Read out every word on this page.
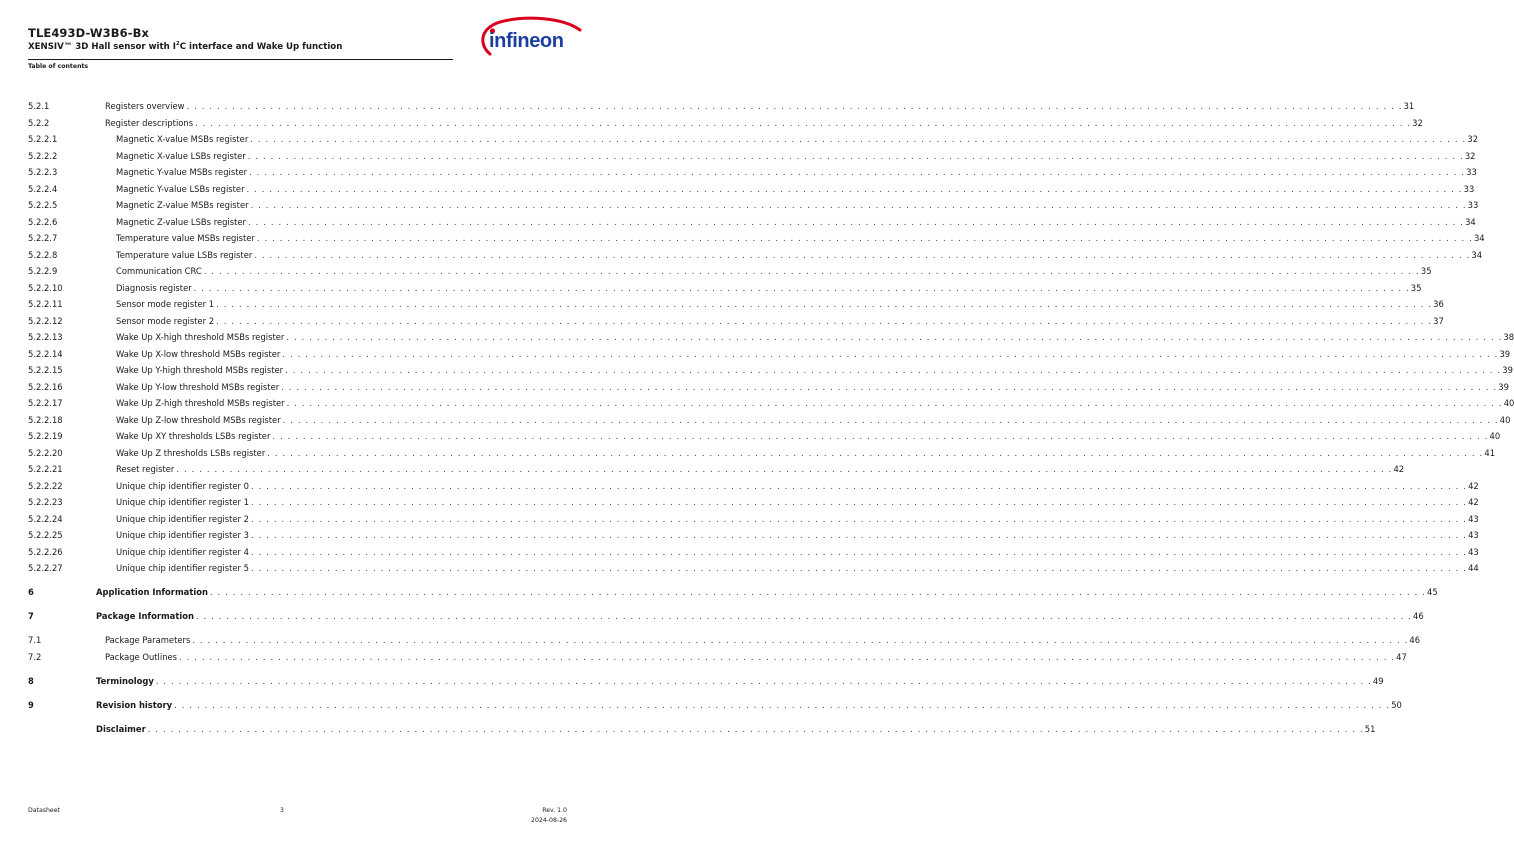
TLE493D-W3B6-Bx
XENSIV™ 3D Hall sensor with $I^2C$ interface and Wake Up function
Table of contents
infineon
5.2.1	Registers overview . . . . . . . . . . . . . . . . . . . . . . . . . . . . . . . . . . . . . . . . . . . . . . . . . . . . . . . . . . . . . . . . . . . . . . . . . . . . . . . . . . . . . . . . . . . . . . . . . . . . . . . . . . . . . . . . . . . . . . . . . . . . . . . . . . . . . . . . . . . . . . . . . . . . . . . . . . . . . . . . 31
5.2.2	Register descriptions . . . . . . . . . . . . . . . . . . . . . . . . . . . . . . . . . . . . . . . . . . . . . . . . . . . . . . . . . . . . . . . . . . . . . . . . . . . . . . . . . . . . . . . . . . . . . . . . . . . . . . . . . . . . . . . . . . . . . . . . . . . . . . . . . . . . . . . . . . . . . . . . . . . . . . . . . . . . . . . . 32
5.2.2.1	Magnetic X-value MSBs register . . . . . . . . . . . . . . . . . . . . . . . . . . . . . . . . . . . . . . . . . . . . . . . . . . . . . . . . . . . . . . . . . . . . . . . . . . . . . . . . . . . . . . . . . . . . . . . . . . . . . . . . . . . . . . . . . . . . . . . . . . . . . . . . . . . . . . . . . . . . . . . . . . . . . . . . . . . . . . . . 32
5.2.2.2	Magnetic X-value LSBs register . . . . . . . . . . . . . . . . . . . . . . . . . . . . . . . . . . . . . . . . . . . . . . . . . . . . . . . . . . . . . . . . . . . . . . . . . . . . . . . . . . . . . . . . . . . . . . . . . . . . . . . . . . . . . . . . . . . . . . . . . . . . . . . . . . . . . . . . . . . . . . . . . . . . . . . . . . . . . . . . 32
5.2.2.3	Magnetic Y-value MSBs register . . . . . . . . . . . . . . . . . . . . . . . . . . . . . . . . . . . . . . . . . . . . . . . . . . . . . . . . . . . . . . . . . . . . . . . . . . . . . . . . . . . . . . . . . . . . . . . . . . . . . . . . . . . . . . . . . . . . . . . . . . . . . . . . . . . . . . . . . . . . . . . . . . . . . . . . . . . . . . . . 33
5.2.2.4	Magnetic Y-value LSBs register . . . . . . . . . . . . . . . . . . . . . . . . . . . . . . . . . . . . . . . . . . . . . . . . . . . . . . . . . . . . . . . . . . . . . . . . . . . . . . . . . . . . . . . . . . . . . . . . . . . . . . . . . . . . . . . . . . . . . . . . . . . . . . . . . . . . . . . . . . . . . . . . . . . . . . . . . . . . . . . . 33
5.2.2.5	Magnetic Z-value MSBs register . . . . . . . . . . . . . . . . . . . . . . . . . . . . . . . . . . . . . . . . . . . . . . . . . . . . . . . . . . . . . . . . . . . . . . . . . . . . . . . . . . . . . . . . . . . . . . . . . . . . . . . . . . . . . . . . . . . . . . . . . . . . . . . . . . . . . . . . . . . . . . . . . . . . . . . . . . . . . . . . 33
5.2.2.6	Magnetic Z-value LSBs register . . . . . . . . . . . . . . . . . . . . . . . . . . . . . . . . . . . . . . . . . . . . . . . . . . . . . . . . . . . . . . . . . . . . . . . . . . . . . . . . . . . . . . . . . . . . . . . . . . . . . . . . . . . . . . . . . . . . . . . . . . . . . . . . . . . . . . . . . . . . . . . . . . . . . . . . . . . . . . . . 34
5.2.2.7	Temperature value MSBs register . . . . . . . . . . . . . . . . . . . . . . . . . . . . . . . . . . . . . . . . . . . . . . . . . . . . . . . . . . . . . . . . . . . . . . . . . . . . . . . . . . . . . . . . . . . . . . . . . . . . . . . . . . . . . . . . . . . . . . . . . . . . . . . . . . . . . . . . . . . . . . . . . . . . . . . . . . . . . . . . 34
5.2.2.8	Temperature value LSBs register . . . . . . . . . . . . . . . . . . . . . . . . . . . . . . . . . . . . . . . . . . . . . . . . . . . . . . . . . . . . . . . . . . . . . . . . . . . . . . . . . . . . . . . . . . . . . . . . . . . . . . . . . . . . . . . . . . . . . . . . . . . . . . . . . . . . . . . . . . . . . . . . . . . . . . . . . . . . . . . . 34
5.2.2.9	Communication CRC . . . . . . . . . . . . . . . . . . . . . . . . . . . . . . . . . . . . . . . . . . . . . . . . . . . . . . . . . . . . . . . . . . . . . . . . . . . . . . . . . . . . . . . . . . . . . . . . . . . . . . . . . . . . . . . . . . . . . . . . . . . . . . . . . . . . . . . . . . . . . . . . . . . . . . . . . . . . . . . . 35
5.2.2.10	Diagnosis register . . . . . . . . . . . . . . . . . . . . . . . . . . . . . . . . . . . . . . . . . . . . . . . . . . . . . . . . . . . . . . . . . . . . . . . . . . . . . . . . . . . . . . . . . . . . . . . . . . . . . . . . . . . . . . . . . . . . . . . . . . . . . . . . . . . . . . . . . . . . . . . . . . . . . . . . . . . . . . . . 35
5.2.2.11	Sensor mode register 1 . . . . . . . . . . . . . . . . . . . . . . . . . . . . . . . . . . . . . . . . . . . . . . . . . . . . . . . . . . . . . . . . . . . . . . . . . . . . . . . . . . . . . . . . . . . . . . . . . . . . . . . . . . . . . . . . . . . . . . . . . . . . . . . . . . . . . . . . . . . . . . . . . . . . . . . . . . . . . . . . 36
5.2.2.12	Sensor mode register 2 . . . . . . . . . . . . . . . . . . . . . . . . . . . . . . . . . . . . . . . . . . . . . . . . . . . . . . . . . . . . . . . . . . . . . . . . . . . . . . . . . . . . . . . . . . . . . . . . . . . . . . . . . . . . . . . . . . . . . . . . . . . . . . . . . . . . . . . . . . . . . . . . . . . . . . . . . . . . . . . . 37
5.2.2.13	Wake Up X-high threshold MSBs register . . . . . . . . . . . . . . . . . . . . . . . . . . . . . . . . . . . . . . . . . . . . . . . . . . . . . . . . . . . . . . . . . . . . . . . . . . . . . . . . . . . . . . . . . . . . . . . . . . . . . . . . . . . . . . . . . . . . . . . . . . . . . . . . . . . . . . . . . . . . . . . . . . . . . . . . . . . . . . . . 38
5.2.2.14	Wake Up X-low threshold MSBs register . . . . . . . . . . . . . . . . . . . . . . . . . . . . . . . . . . . . . . . . . . . . . . . . . . . . . . . . . . . . . . . . . . . . . . . . . . . . . . . . . . . . . . . . . . . . . . . . . . . . . . . . . . . . . . . . . . . . . . . . . . . . . . . . . . . . . . . . . . . . . . . . . . . . . . . . . . . . . . . . 39
5.2.2.15	Wake Up Y-high threshold MSBs register . . . . . . . . . . . . . . . . . . . . . . . . . . . . . . . . . . . . . . . . . . . . . . . . . . . . . . . . . . . . . . . . . . . . . . . . . . . . . . . . . . . . . . . . . . . . . . . . . . . . . . . . . . . . . . . . . . . . . . . . . . . . . . . . . . . . . . . . . . . . . . . . . . . . . . . . . . . . . . . . 39
5.2.2.16	Wake Up Y-low threshold MSBs register . . . . . . . . . . . . . . . . . . . . . . . . . . . . . . . . . . . . . . . . . . . . . . . . . . . . . . . . . . . . . . . . . . . . . . . . . . . . . . . . . . . . . . . . . . . . . . . . . . . . . . . . . . . . . . . . . . . . . . . . . . . . . . . . . . . . . . . . . . . . . . . . . . . . . . . . . . . . . . . . 39
5.2.2.17	Wake Up Z-high threshold MSBs register . . . . . . . . . . . . . . . . . . . . . . . . . . . . . . . . . . . . . . . . . . . . . . . . . . . . . . . . . . . . . . . . . . . . . . . . . . . . . . . . . . . . . . . . . . . . . . . . . . . . . . . . . . . . . . . . . . . . . . . . . . . . . . . . . . . . . . . . . . . . . . . . . . . . . . . . . . . . . . . . 40
5.2.2.18	Wake Up Z-low threshold MSBs register . . . . . . . . . . . . . . . . . . . . . . . . . . . . . . . . . . . . . . . . . . . . . . . . . . . . . . . . . . . . . . . . . . . . . . . . . . . . . . . . . . . . . . . . . . . . . . . . . . . . . . . . . . . . . . . . . . . . . . . . . . . . . . . . . . . . . . . . . . . . . . . . . . . . . . . . . . . . . . . . 40
5.2.2.19	Wake Up XY thresholds LSBs register . . . . . . . . . . . . . . . . . . . . . . . . . . . . . . . . . . . . . . . . . . . . . . . . . . . . . . . . . . . . . . . . . . . . . . . . . . . . . . . . . . . . . . . . . . . . . . . . . . . . . . . . . . . . . . . . . . . . . . . . . . . . . . . . . . . . . . . . . . . . . . . . . . . . . . . . . . . . . . . . 40
5.2.2.20	Wake Up Z thresholds LSBs register . . . . . . . . . . . . . . . . . . . . . . . . . . . . . . . . . . . . . . . . . . . . . . . . . . . . . . . . . . . . . . . . . . . . . . . . . . . . . . . . . . . . . . . . . . . . . . . . . . . . . . . . . . . . . . . . . . . . . . . . . . . . . . . . . . . . . . . . . . . . . . . . . . . . . . . . . . . . . . . . 41
5.2.2.21	Reset register . . . . . . . . . . . . . . . . . . . . . . . . . . . . . . . . . . . . . . . . . . . . . . . . . . . . . . . . . . . . . . . . . . . . . . . . . . . . . . . . . . . . . . . . . . . . . . . . . . . . . . . . . . . . . . . . . . . . . . . . . . . . . . . . . . . . . . . . . . . . . . . . . . . . . . . . . . . . . . . . 42
5.2.2.22	Unique chip identifier register 0 . . . . . . . . . . . . . . . . . . . . . . . . . . . . . . . . . . . . . . . . . . . . . . . . . . . . . . . . . . . . . . . . . . . . . . . . . . . . . . . . . . . . . . . . . . . . . . . . . . . . . . . . . . . . . . . . . . . . . . . . . . . . . . . . . . . . . . . . . . . . . . . . . . . . . . . . . . . . . . . . 42
5.2.2.23	Unique chip identifier register 1 . . . . . . . . . . . . . . . . . . . . . . . . . . . . . . . . . . . . . . . . . . . . . . . . . . . . . . . . . . . . . . . . . . . . . . . . . . . . . . . . . . . . . . . . . . . . . . . . . . . . . . . . . . . . . . . . . . . . . . . . . . . . . . . . . . . . . . . . . . . . . . . . . . . . . . . . . . . . . . . . 42
5.2.2.24	Unique chip identifier register 2 . . . . . . . . . . . . . . . . . . . . . . . . . . . . . . . . . . . . . . . . . . . . . . . . . . . . . . . . . . . . . . . . . . . . . . . . . . . . . . . . . . . . . . . . . . . . . . . . . . . . . . . . . . . . . . . . . . . . . . . . . . . . . . . . . . . . . . . . . . . . . . . . . . . . . . . . . . . . . . . . 43
5.2.2.25	Unique chip identifier register 3 . . . . . . . . . . . . . . . . . . . . . . . . . . . . . . . . . . . . . . . . . . . . . . . . . . . . . . . . . . . . . . . . . . . . . . . . . . . . . . . . . . . . . . . . . . . . . . . . . . . . . . . . . . . . . . . . . . . . . . . . . . . . . . . . . . . . . . . . . . . . . . . . . . . . . . . . . . . . . . . . 43
5.2.2.26	Unique chip identifier register 4 . . . . . . . . . . . . . . . . . . . . . . . . . . . . . . . . . . . . . . . . . . . . . . . . . . . . . . . . . . . . . . . . . . . . . . . . . . . . . . . . . . . . . . . . . . . . . . . . . . . . . . . . . . . . . . . . . . . . . . . . . . . . . . . . . . . . . . . . . . . . . . . . . . . . . . . . . . . . . . . . 43
5.2.2.27	Unique chip identifier register 5 . . . . . . . . . . . . . . . . . . . . . . . . . . . . . . . . . . . . . . . . . . . . . . . . . . . . . . . . . . . . . . . . . . . . . . . . . . . . . . . . . . . . . . . . . . . . . . . . . . . . . . . . . . . . . . . . . . . . . . . . . . . . . . . . . . . . . . . . . . . . . . . . . . . . . . . . . . . . . . . . 44
6	Application Information . . . . . . . . . . . . . . . . . . . . . . . . . . . . . . . . . . . . . . . . . . . . . . . . . . . . . . . . . . . . . . . . . . . . . . . . . . . . . . . . . . . . . . . . . . . . . . . . . . . . . . . . . . . . . . . . . . . . . . . . . . . . . . . . . . . . . . . . . . . . . . . . . . . . . . . . . . . . . . . . 45
7	Package Information . . . . . . . . . . . . . . . . . . . . . . . . . . . . . . . . . . . . . . . . . . . . . . . . . . . . . . . . . . . . . . . . . . . . . . . . . . . . . . . . . . . . . . . . . . . . . . . . . . . . . . . . . . . . . . . . . . . . . . . . . . . . . . . . . . . . . . . . . . . . . . . . . . . . . . . . . . . . . . . . 46
7.1	Package Parameters . . . . . . . . . . . . . . . . . . . . . . . . . . . . . . . . . . . . . . . . . . . . . . . . . . . . . . . . . . . . . . . . . . . . . . . . . . . . . . . . . . . . . . . . . . . . . . . . . . . . . . . . . . . . . . . . . . . . . . . . . . . . . . . . . . . . . . . . . . . . . . . . . . . . . . . . . . . . . . . . 46
7.2	Package Outlines . . . . . . . . . . . . . . . . . . . . . . . . . . . . . . . . . . . . . . . . . . . . . . . . . . . . . . . . . . . . . . . . . . . . . . . . . . . . . . . . . . . . . . . . . . . . . . . . . . . . . . . . . . . . . . . . . . . . . . . . . . . . . . . . . . . . . . . . . . . . . . . . . . . . . . . . . . . . . . . . 47
8	Terminology . . . . . . . . . . . . . . . . . . . . . . . . . . . . . . . . . . . . . . . . . . . . . . . . . . . . . . . . . . . . . . . . . . . . . . . . . . . . . . . . . . . . . . . . . . . . . . . . . . . . . . . . . . . . . . . . . . . . . . . . . . . . . . . . . . . . . . . . . . . . . . . . . . . . . . . . . . . . . . . . 49
9	Revision history . . . . . . . . . . . . . . . . . . . . . . . . . . . . . . . . . . . . . . . . . . . . . . . . . . . . . . . . . . . . . . . . . . . . . . . . . . . . . . . . . . . . . . . . . . . . . . . . . . . . . . . . . . . . . . . . . . . . . . . . . . . . . . . . . . . . . . . . . . . . . . . . . . . . . . . . . . . . . . . . 50
Disclaimer . . . . . . . . . . . . . . . . . . . . . . . . . . . . . . . . . . . . . . . . . . . . . . . . . . . . . . . . . . . . . . . . . . . . . . . . . . . . . . . . . . . . . . . . . . . . . . . . . . . . . . . . . . . . . . . . . . . . . . . . . . . . . . . . . . . . . . . . . . . . . . . . . . . . . . . . . . . . . . . . 51
Datasheet	3	Rev. 1.0
2024-08-26
